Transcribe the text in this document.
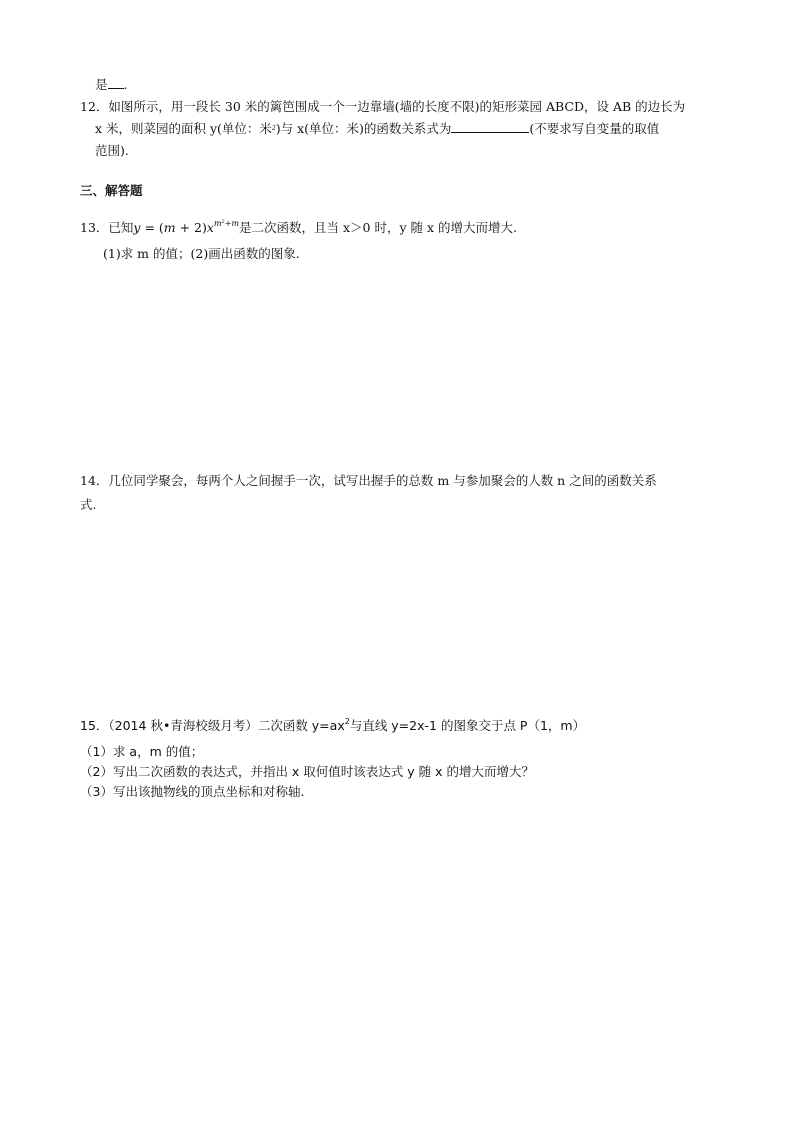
是 .
12．如图所示，用一段长 30 米的篱笆围成一个一边靠墙(墙的长度不限)的矩形菜园 ABCD，设 AB 的边长为
x 米，则菜园的面积 y(单位：米$^2$)与 x(单位：米)的函数关系式为	(不要求写自变量的取值
范围).
三、解答题
13．已知$y = (m + 2)x^{m^2+m}$是二次函数，且当 x＞0 时，y 随 x 的增大而增大.
(1)求 m 的值；(2)画出函数的图象.
14．几位同学聚会，每两个人之间握手一次，试写出握手的总数 m 与参加聚会的人数 n 之间的函数关系
式.
15．（2014 秋•青海校级月考）二次函数 $y=ax^2$与直线 y=2x-1 的图象交于点 P（1，m）
（1）求 a，m 的值；
（2）写出二次函数的表达式，并指出 x 取何值时该表达式 y 随 x 的增大而增大？
（3）写出该抛物线的顶点坐标和对称轴.
